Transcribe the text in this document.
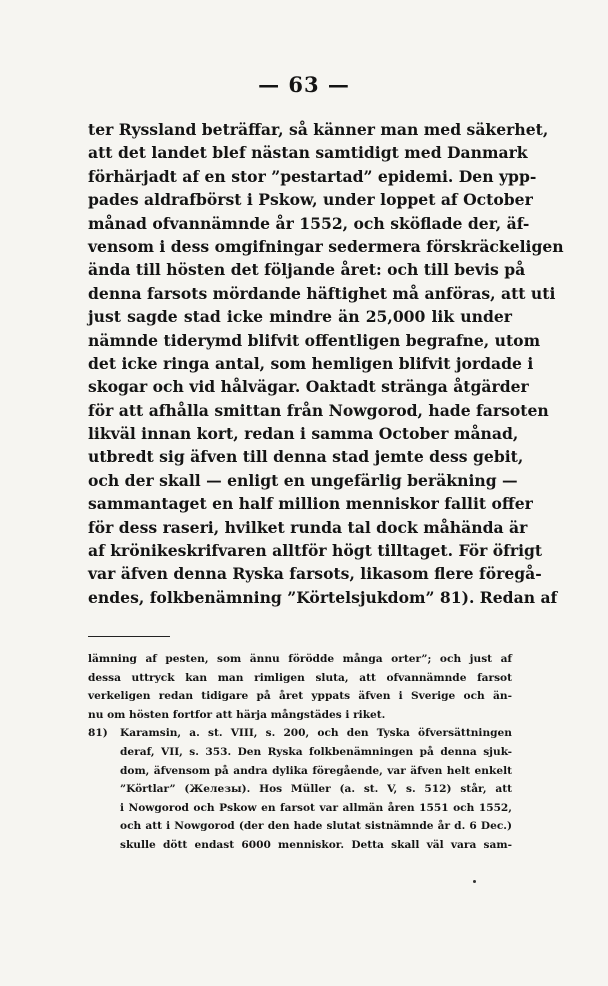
— 63 —
ter Ryssland beträffar, så känner man med säkerhet,
att det landet blef nästan samtidigt med Danmark
förhärjadt af en stor ”pestartad” epidemi. Den ypp-
pades aldrafbörst i Pskow, under loppet af October
månad ofvannämnde år 1552, och sköflade der, äf-
vensom i dess omgifningar sedermera förskräckeligen
ända till hösten det följande året: och till bevis på
denna farsots mördande häftighet må anföras, att uti
just sagde stad icke mindre än 25,000 lik under
nämnde tiderymd blifvit offentligen begrafne, utom
det icke ringa antal, som hemligen blifvit jordade i
skogar och vid hålvägar. Oaktadt stränga åtgärder
för att afhålla smittan från Nowgorod, hade farsoten
likväl innan kort, redan i samma October månad,
utbredt sig äfven till denna stad jemte dess gebit,
och der skall — enligt en ungefärlig beräkning —
sammantaget en half million menniskor fallit offer
för dess raseri, hvilket runda tal dock måhända är
af krönikeskrifvaren alltför högt tilltaget. För öfrigt
var äfven denna Ryska farsots, likasom flere föregå-
endes, folkbenämning ”Körtelsjukdom” 81). Redan af
lämning af pesten, som ännu förödde många orter”; och just af
dessa uttryck kan man rimligen sluta, att ofvannämnde farsot
verkeligen redan tidigare på året yppats äfven i Sverige och än-
nu om hösten fortfor att härja mångstädes i riket.
81)	Karamsin, a. st. VIII, s. 200, och den Tyska öfversättningen
deraf, VII, s. 353. Den Ryska folkbenämningen på denna sjuk-
dom, äfvensom på andra dylika föregående, var äfven helt enkelt
”Körtlar” (Железы). Hos Müller (a. st. V, s. 512) står, att
i Nowgorod och Pskow en farsot var allmän åren 1551 och 1552,
och att i Nowgorod (der den hade slutat sistnämnde år d. 6 Dec.)
skulle dött endast 6000 menniskor. Detta skall väl vara sam-
